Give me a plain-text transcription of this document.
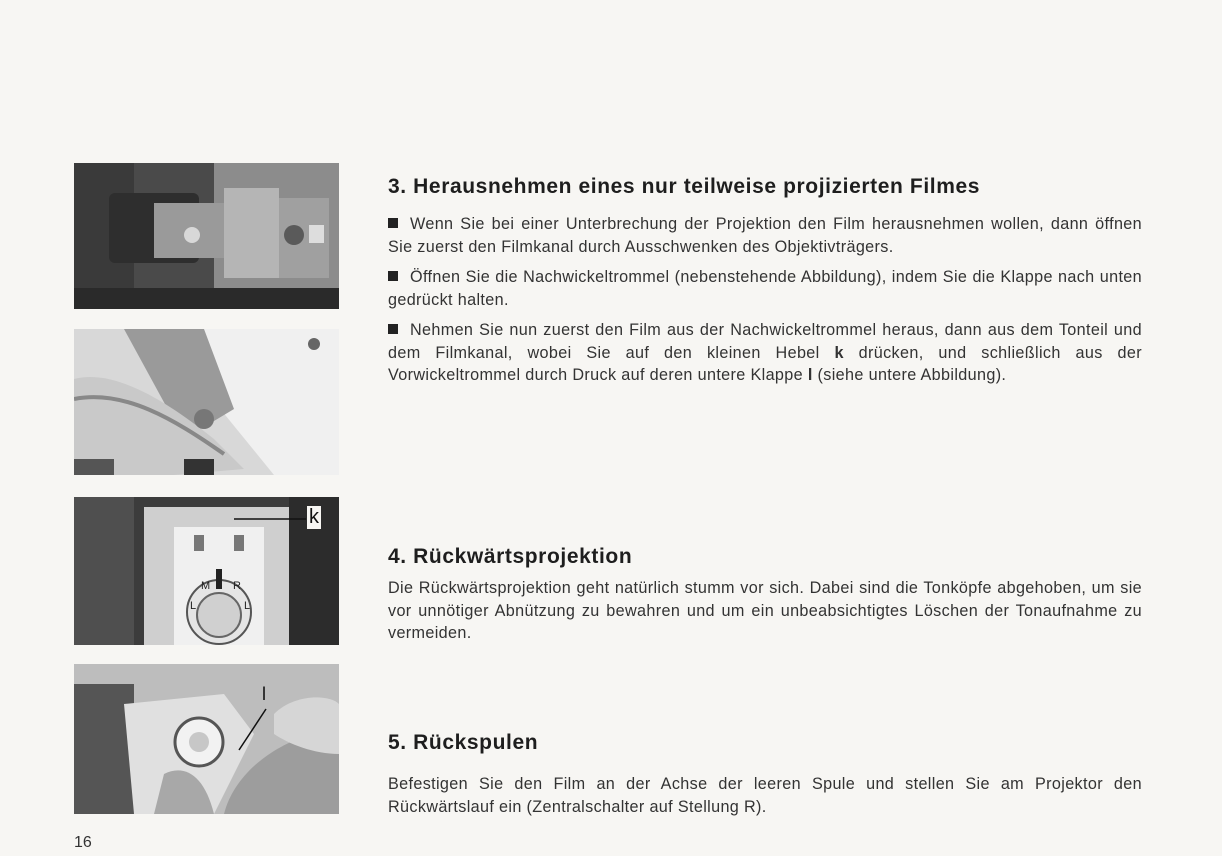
k
L
M
I
R
L
l
3. Herausnehmen eines nur teilweise projizierten Filmes

Wenn Sie bei einer Unterbrechung der Projektion den Film herausnehmen wollen, dann öffnen Sie zuerst den Filmkanal durch Ausschwenken des Objektivträgers.

Öffnen Sie die Nachwickeltrommel (nebenstehende Abbildung), indem Sie die Klappe nach unten gedrückt halten.

Nehmen Sie nun zuerst den Film aus der Nachwickeltrommel heraus, dann aus dem Tonteil und dem Filmkanal, wobei Sie auf den kleinen Hebel k drücken, und schließlich aus der Vorwickeltrommel durch Druck auf deren untere Klappe l (siehe untere Abbildung).

4. Rückwärtsprojektion

Die Rückwärtsprojektion geht natürlich stumm vor sich. Dabei sind die Tonköpfe abgehoben, um sie vor unnötiger Abnützung zu bewahren und um ein unbeabsichtigtes Löschen der Tonaufnahme zu vermeiden.

5. Rückspulen

Befestigen Sie den Film an der Achse der leeren Spule und stellen Sie am Projektor den Rückwärtslauf ein (Zentralschalter auf Stellung R).

16
